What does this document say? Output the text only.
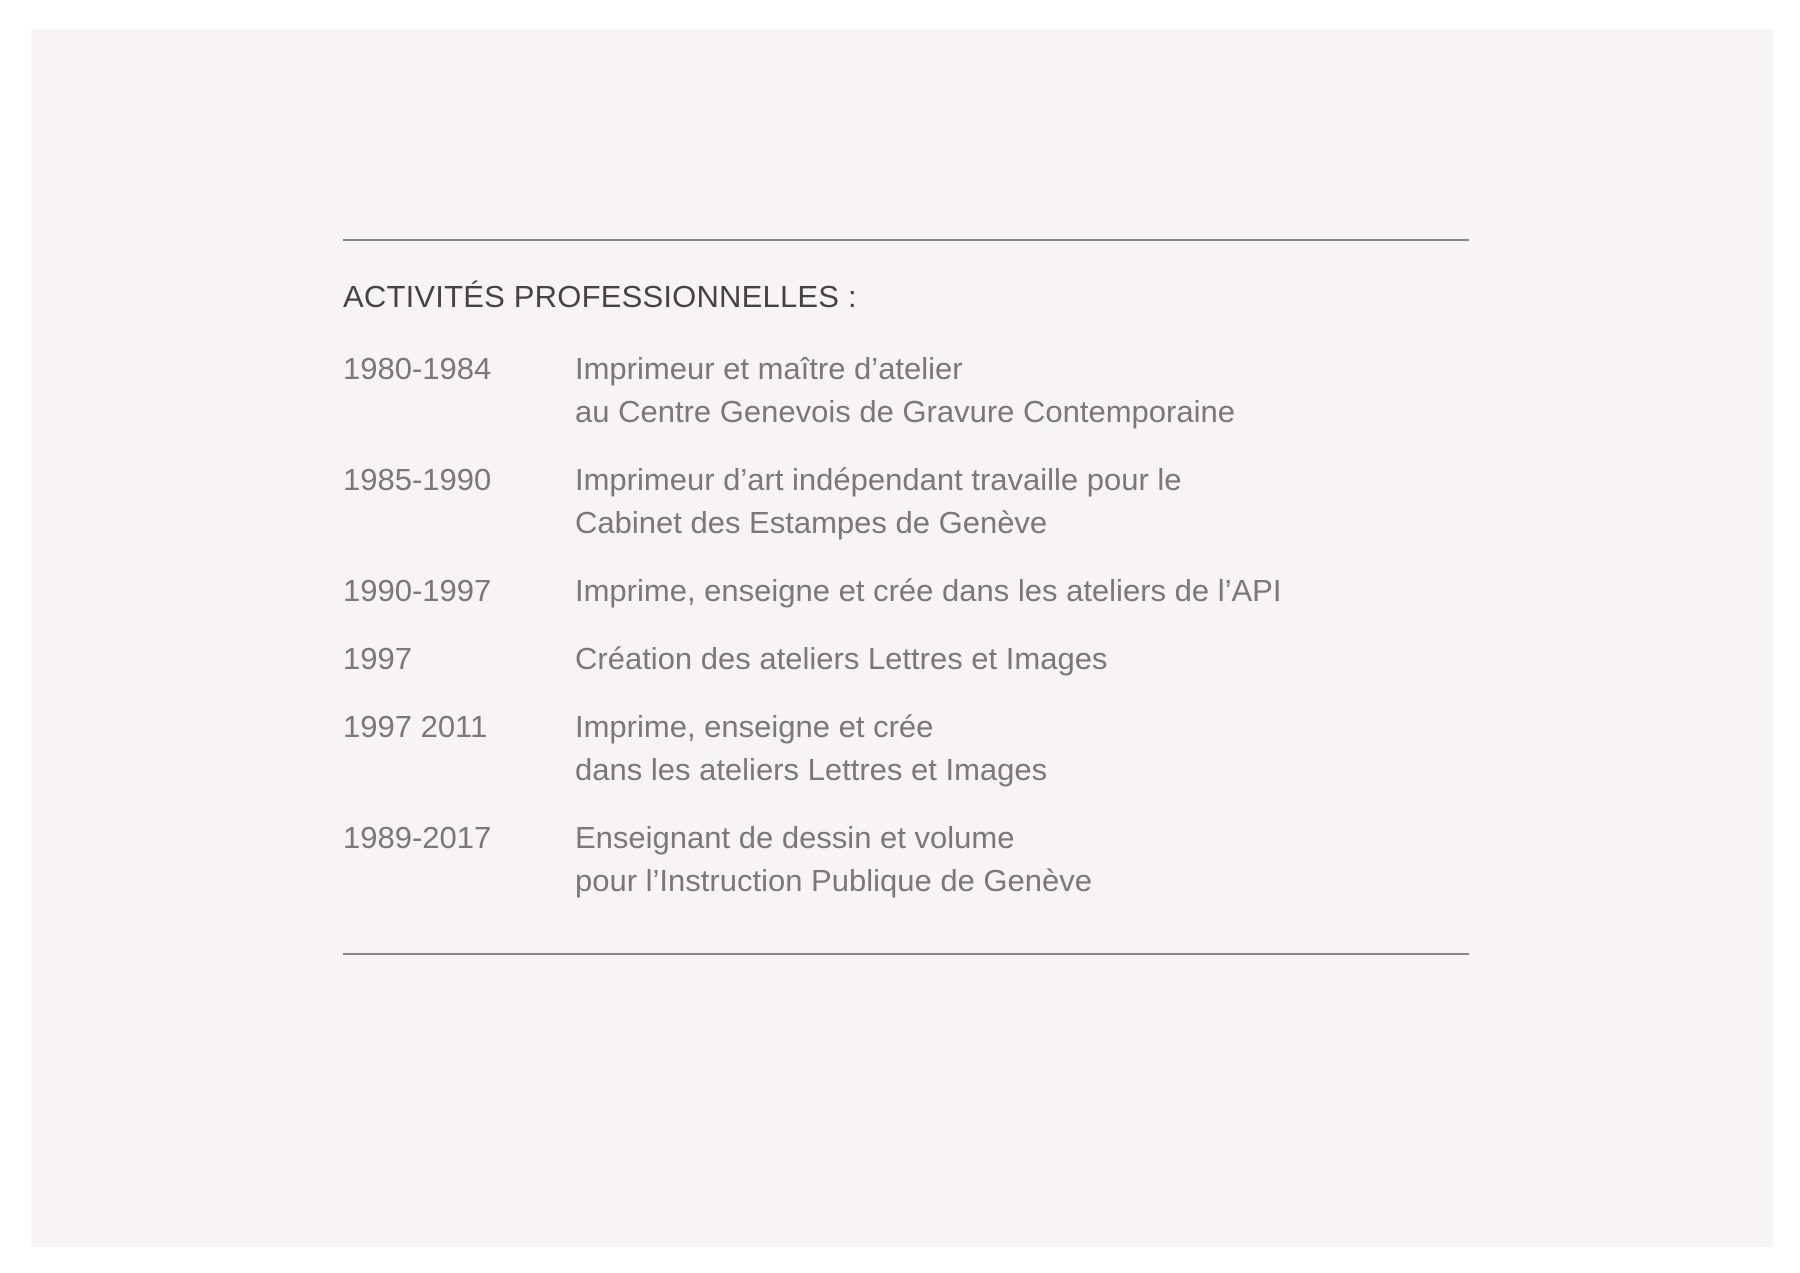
ACTIVITÉS PROFESSIONNELLES :
1980-1984	Imprimeur et maître d’atelier
au Centre Genevois de Gravure Contemporaine
1985-1990	Imprimeur d’art indépendant travaille pour le
Cabinet des Estampes de Genève
1990-1997	Imprime, enseigne et crée dans les ateliers de l’API
1997	Création des ateliers Lettres et Images
1997 2011	Imprime, enseigne et crée
dans les ateliers Lettres et Images
1989-2017	Enseignant de dessin et volume
pour l’Instruction Publique de Genève
